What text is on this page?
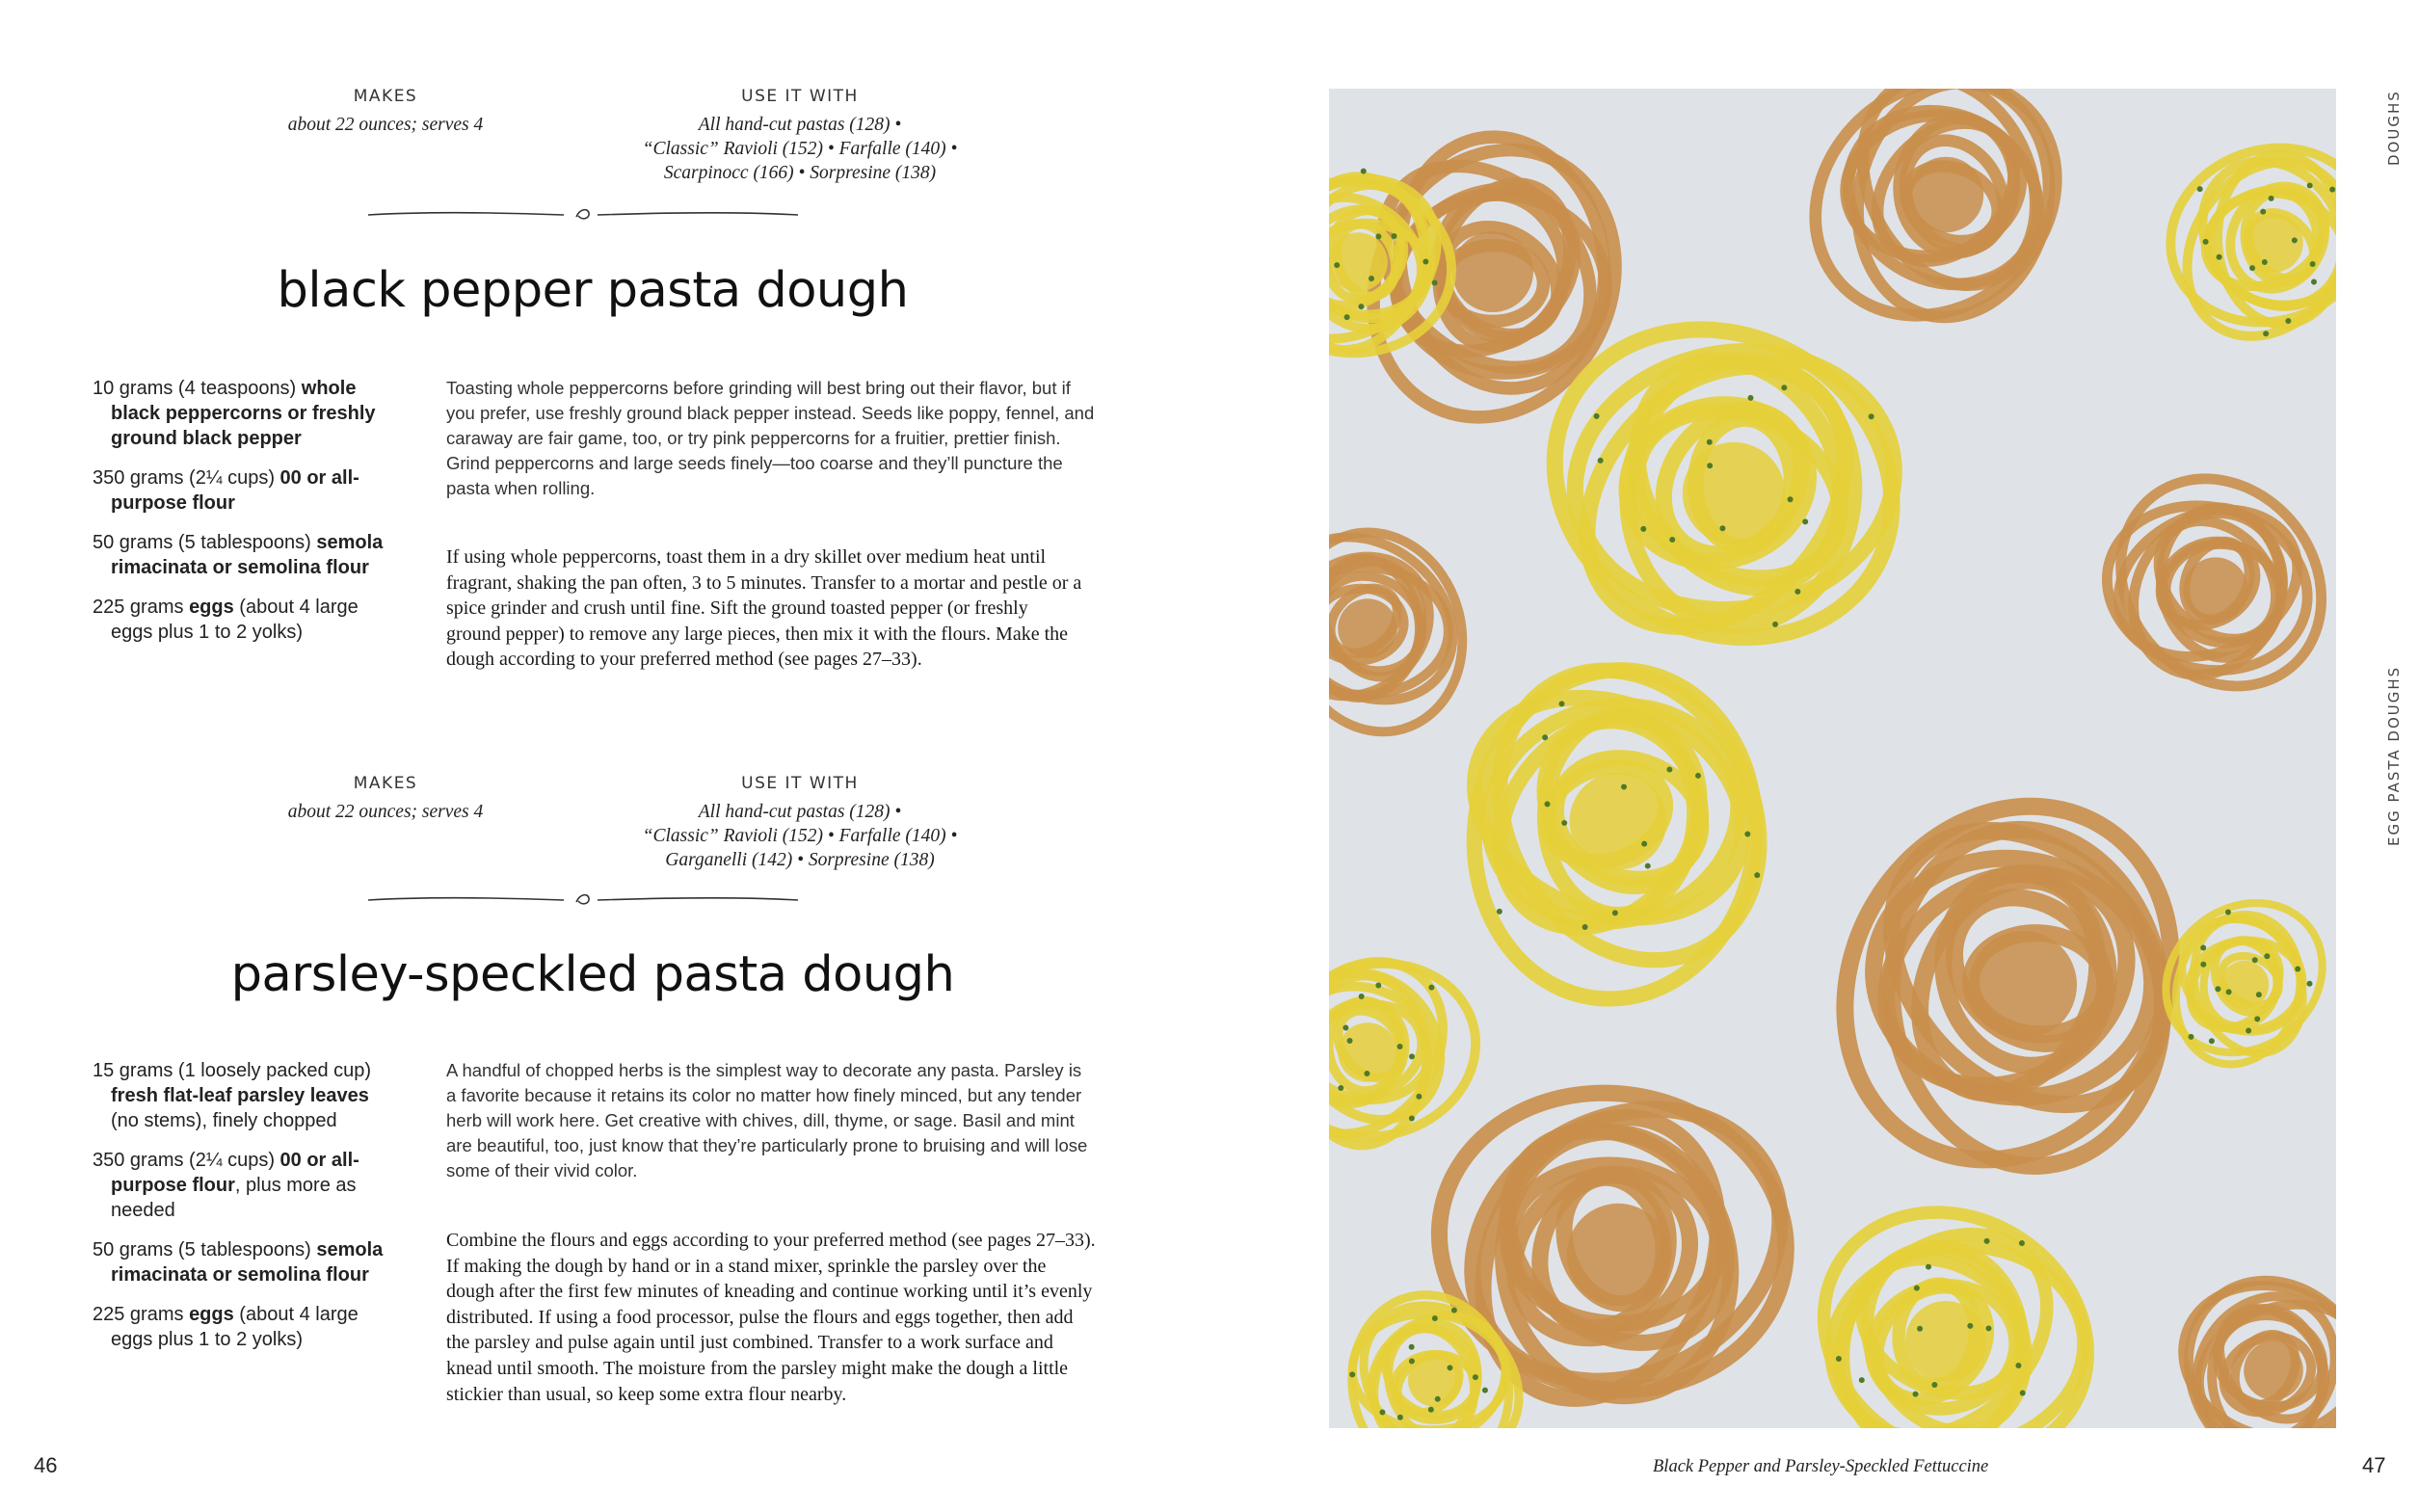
MAKES
about 22 ounces; serves 4
USE IT WITH
All hand-cut pastas (128) •
“Classic” Ravioli (152) • Farfalle (140) •
Scarpinocc (166) • Sorpresine (138)
black pepper pasta dough
10 grams (4 teaspoons) whole black peppercorns or freshly ground black pepper
350 grams (2¼ cups) 00 or all-purpose flour
50 grams (5 tablespoons) semola rimacinata or semolina flour
225 grams eggs (about 4 large eggs plus 1 to 2 yolks)
Toasting whole peppercorns before grinding will best bring out their flavor, but if you prefer, use freshly ground black pepper instead. Seeds like poppy, fennel, and caraway are fair game, too, or try pink peppercorns for a fruitier, prettier finish. Grind peppercorns and large seeds finely—too coarse and they’ll puncture the pasta when rolling.
If using whole peppercorns, toast them in a dry skillet over medium heat until fragrant, shaking the pan often, 3 to 5 minutes. Transfer to a mortar and pestle or a spice grinder and crush until fine. Sift the ground toasted pepper (or freshly ground pepper) to remove any large pieces, then mix it with the flours. Make the dough according to your preferred method (see pages 27–33).
MAKES
about 22 ounces; serves 4
USE IT WITH
All hand-cut pastas (128) •
“Classic” Ravioli (152) • Farfalle (140) •
Garganelli (142) • Sorpresine (138)
parsley-speckled pasta dough
15 grams (1 loosely packed cup) fresh flat-leaf parsley leaves (no stems), finely chopped
350 grams (2¼ cups) 00 or all-purpose flour, plus more as needed
50 grams (5 tablespoons) semola rimacinata or semolina flour
225 grams eggs (about 4 large eggs plus 1 to 2 yolks)
A handful of chopped herbs is the simplest way to decorate any pasta. Parsley is a favorite because it retains its color no matter how finely minced, but any tender herb will work here. Get creative with chives, dill, thyme, or sage. Basil and mint are beautiful, too, just know that they’re particularly prone to bruising and will lose some of their vivid color.
Combine the flours and eggs according to your preferred method (see pages 27–33). If making the dough by hand or in a stand mixer, sprinkle the parsley over the dough after the first few minutes of kneading and continue working until it’s evenly distributed. If using a food processor, pulse the flours and eggs together, then add the parsley and pulse again until just combined. Transfer to a work surface and knead until smooth. The moisture from the parsley might make the dough a little stickier than usual, so keep some extra flour nearby.
46
DOUGHS
EGG PASTA DOUGHS
Black Pepper and Parsley-Speckled Fettuccine	47
